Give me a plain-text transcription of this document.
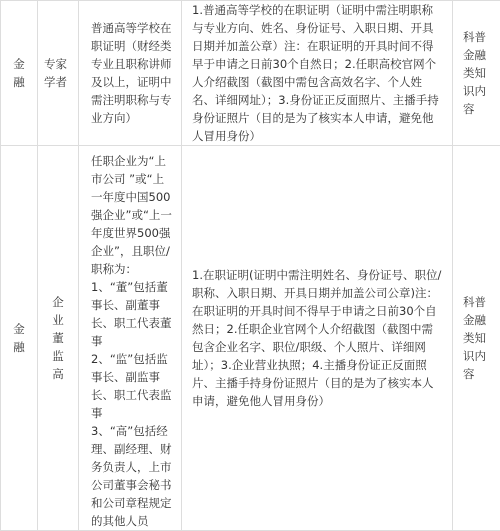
金融	专家学者	普通高等学校在职证明（财经类专业且职称讲师及以上，证明中需注明职称与专业方向）	1.普通高等学校的在职证明（证明中需注明职称与专业方向、姓名、身份证号、入职日期、开具日期并加盖公章）注：在职证明的开具时间不得早于申请之日前30个自然日；2.任职高校官网个人介绍截图（截图中需包含高效名字、个人姓名、详细网址）；3.身份证正反面照片、主播手持身份证照片（目的是为了核实本人申请，避免他人冒用身份）	科普金融类知识内容
金融	企业董监高	任职企业为“上市公司 ”或“上一年度中国500强企业”或“上一年度世界500强企业”，且职位/职称为：
1、“董”包括董事长、副董事长、职工代表董事
2、“监”包括监事长、副监事长、职工代表监事
3、“高”包括经理、副经理、财务负责人，上市公司董事会秘书和公司章程规定的其他人员	1.在职证明(证明中需注明姓名、身份证号、职位/职称、入职日期、开具日期并加盖公司公章)注：在职证明的开具时间不得早于申请之日前30个自然日；2.任职企业官网个人介绍截图（截图中需包含企业名字、职位/职级、个人照片、详细网址）；3.企业营业执照；4.主播身份证正反面照片、主播手持身份证照片（目的是为了核实本人申请，避免他人冒用身份）	科普金融类知识内容
